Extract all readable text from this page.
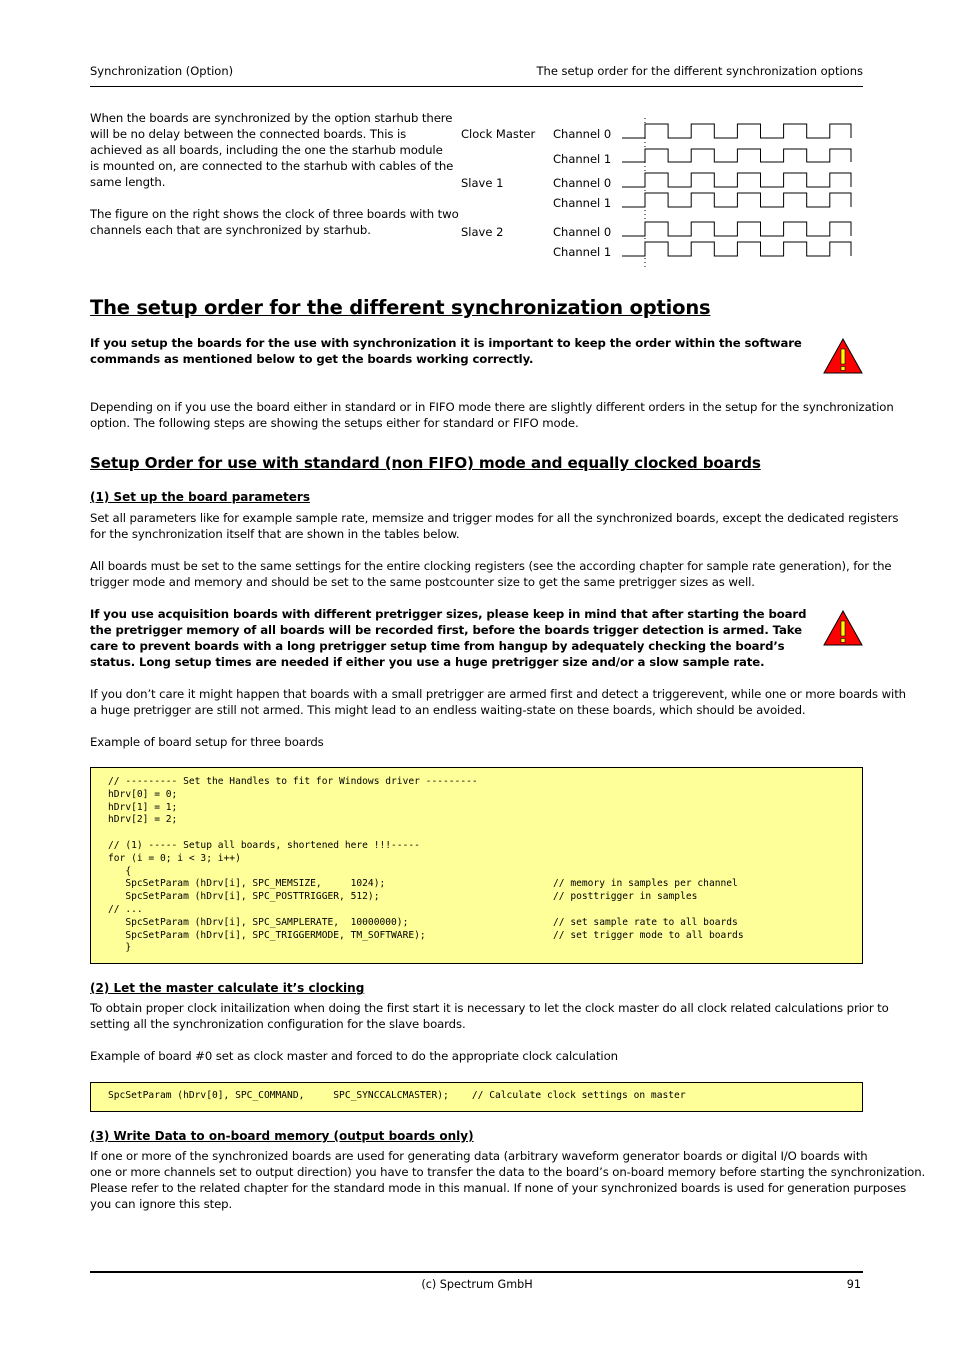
Synchronization (Option)	The setup order for the different synchronization options
When the boards are synchronized by the option starhub there
will be no delay between the connected boards. This is
achieved as all boards, including the one the starhub module
is mounted on, are connected to the starhub with cables of the
same length.
The figure on the right shows the clock of three boards with two
channels each that are synchronized by starhub.
Clock Master
Slave 1
Slave 2
Channel 0
Channel 1
Channel 0
Channel 1
Channel 0
Channel 1
The setup order for the different synchronization options
If you setup the boards for the use with synchronization it is important to keep the order within the software
commands as mentioned below to get the boards working correctly.
Depending on if you use the board either in standard or in FIFO mode there are slightly different orders in the setup for the synchronization
option. The following steps are showing the setups either for standard or FIFO mode.
Setup Order for use with standard (non FIFO) mode and equally clocked boards
(1) Set up the board parameters
Set all parameters like for example sample rate, memsize and trigger modes for all the synchronized boards, except the dedicated registers
for the synchronization itself that are shown in the tables below.
All boards must be set to the same settings for the entire clocking registers (see the according chapter for sample rate generation), for the
trigger mode and memory and should be set to the same postcounter size to get the same pretrigger sizes as well.
If you use acquisition boards with different pretrigger sizes, please keep in mind that after starting the board
the pretrigger memory of all boards will be recorded first, before the boards trigger detection is armed. Take
care to prevent boards with a long pretrigger setup time from hangup by adequately checking the board’s
status. Long setup times are needed if either you use a huge pretrigger size and/or a slow sample rate.
If you don’t care it might happen that boards with a small pretrigger are armed first and detect a triggerevent, while one or more boards with
a huge pretrigger are still not armed. This might lead to an endless waiting-state on these boards, which should be avoided.
Example of board setup for three boards
// --------- Set the Handles to fit for Windows driver ---------
hDrv[0] = 0;
hDrv[1] = 1;
hDrv[2] = 2;
// (1) ----- Setup all boards, shortened here !!!-----
for (i = 0; i < 3; i++)
{
SpcSetParam (hDrv[i], SPC_MEMSIZE,     1024);	// memory in samples per channel
SpcSetParam (hDrv[i], SPC_POSTTRIGGER, 512);	// posttrigger in samples
// ...
SpcSetParam (hDrv[i], SPC_SAMPLERATE,  10000000);	// set sample rate to all boards
SpcSetParam (hDrv[i], SPC_TRIGGERMODE, TM_SOFTWARE);	// set trigger mode to all boards
}
(2) Let the master calculate it’s clocking
To obtain proper clock initailization when doing the first start it is necessary to let the clock master do all clock related calculations prior to
setting all the synchronization configuration for the slave boards.
Example of board #0 set as clock master and forced to do the appropriate clock calculation
SpcSetParam (hDrv[0], SPC_COMMAND,     SPC_SYNCCALCMASTER);    // Calculate clock settings on master
(3) Write Data to on-board memory (output boards only)
If one or more of the synchronized boards are used for generating data (arbitrary waveform generator boards or digital I/O boards with
one or more channels set to output direction) you have to transfer the data to the board’s on-board memory before starting the synchronization.
Please refer to the related chapter for the standard mode in this manual. If none of your synchronized boards is used for generation purposes
you can ignore this step.
(c) Spectrum GmbH	91
